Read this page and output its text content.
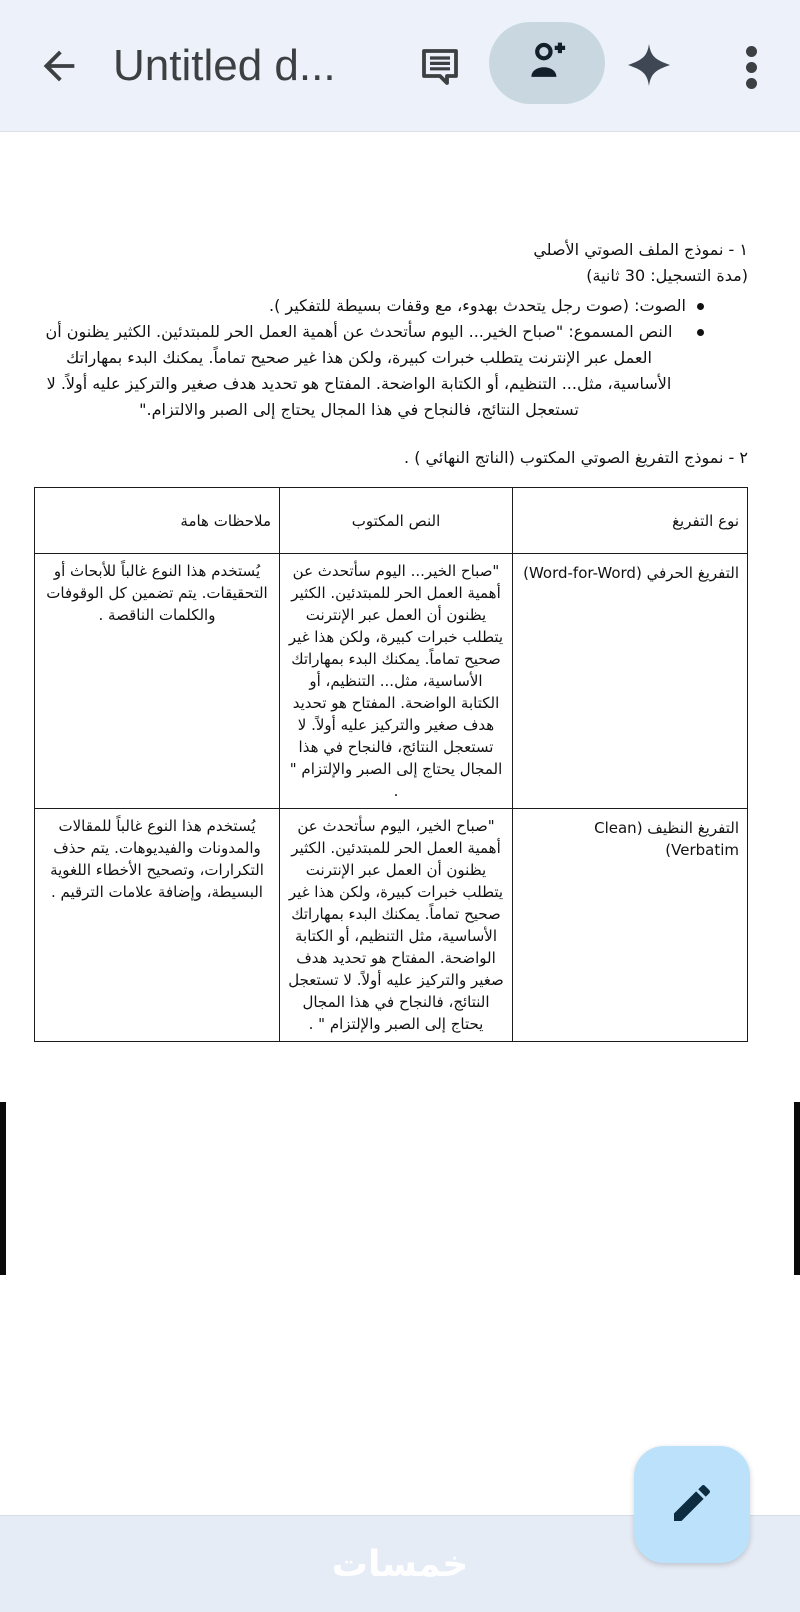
Untitled d...
١ - نموذج الملف الصوتي الأصلي
(مدة التسجيل: 30 ثانية)
الصوت: (صوت رجل يتحدث بهدوء، مع وقفات بسيطة للتفكير ).
النص المسموع: "صباح الخير... اليوم سأتحدث عن أهمية العمل الحر للمبتدئين. الكثير يظنون أن العمل عبر الإنترنت يتطلب خبرات كبيرة، ولكن هذا غير صحيح تماماً. يمكنك البدء بمهاراتك الأساسية، مثل... التنظيم، أو الكتابة الواضحة. المفتاح هو تحديد هدف صغير والتركيز عليه أولاً. لا تستعجل النتائج، فالنجاح في هذا المجال يحتاج إلى الصبر والالتزام."
٢ - نموذج التفريغ الصوتي المكتوب (الناتج النهائي ) .
نوع التفريغ	النص المكتوب	ملاحظات هامة
التفريغ الحرفي (Word-for-Word)	"صباح الخير... اليوم سأتحدث عن أهمية العمل الحر للمبتدئين. الكثير يظنون أن العمل عبر الإنترنت يتطلب خبرات كبيرة، ولكن هذا غير صحيح تماماً. يمكنك البدء بمهاراتك الأساسية، مثل... التنظيم، أو الكتابة الواضحة. المفتاح هو تحديد هدف صغير والتركيز عليه أولاً. لا تستعجل النتائج، فالنجاح في هذا المجال يحتاج إلى الصبر والإلتزام " .	يُستخدم هذا النوع غالباً للأبحاث أو التحقيقات. يتم تضمين كل الوقوفات والكلمات الناقصة .
التفريغ النظيف (Clean Verbatim)	"صباح الخير، اليوم سأتحدث عن أهمية العمل الحر للمبتدئين. الكثير يظنون أن العمل عبر الإنترنت يتطلب خبرات كبيرة، ولكن هذا غير صحيح تماماً. يمكنك البدء بمهاراتك الأساسية، مثل التنظيم، أو الكتابة الواضحة. المفتاح هو تحديد هدف صغير والتركيز عليه أولاً. لا تستعجل النتائج، فالنجاح في هذا المجال يحتاج إلى الصبر والإلتزام " .	يُستخدم هذا النوع غالباً للمقالات والمدونات والفيديوهات. يتم حذف التكرارات، وتصحيح الأخطاء اللغوية البسيطة، وإضافة علامات الترقيم .
خمسات
